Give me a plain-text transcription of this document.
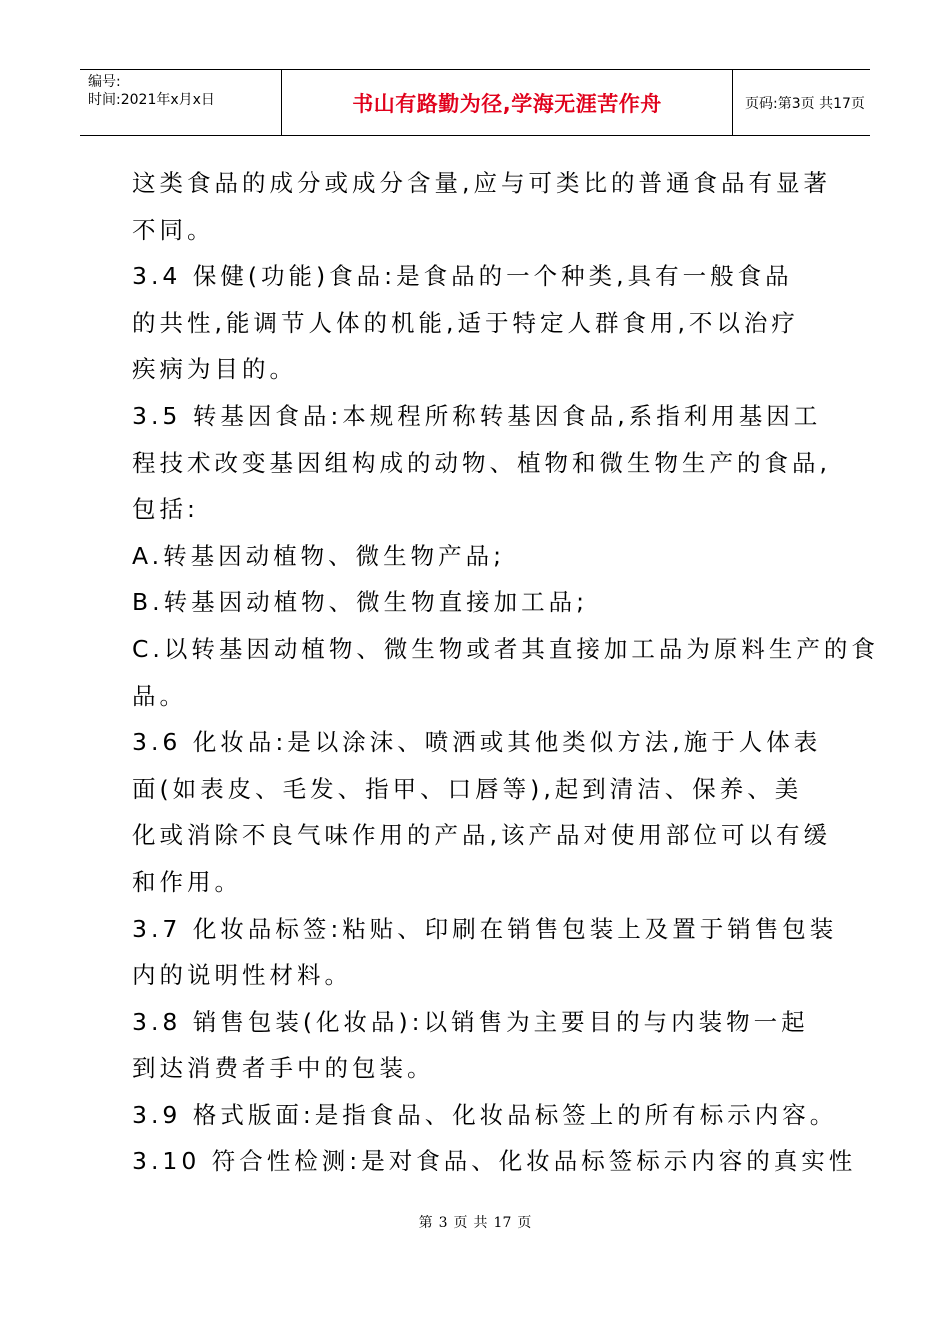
编号:
时间:2021年x月x日	书山有路勤为径,学海无涯苦作舟	页码:第3页 共17页
这类食品的成分或成分含量,应与可类比的普通食品有显著
不同。
3.4 保健(功能)食品:是食品的一个种类,具有一般食品
的共性,能调节人体的机能,适于特定人群食用,不以治疗
疾病为目的。
3.5 转基因食品:本规程所称转基因食品,系指利用基因工
程技术改变基因组构成的动物、植物和微生物生产的食品,
包括:
A.转基因动植物、微生物产品;
B.转基因动植物、微生物直接加工品;
C.以转基因动植物、微生物或者其直接加工品为原料生产的食
品。
3.6 化妆品:是以涂沫、喷洒或其他类似方法,施于人体表
面(如表皮、毛发、指甲、口唇等),起到清洁、保养、美
化或消除不良气味作用的产品,该产品对使用部位可以有缓
和作用。
3.7 化妆品标签:粘贴、印刷在销售包装上及置于销售包装
内的说明性材料。
3.8 销售包装(化妆品):以销售为主要目的与内装物一起
到达消费者手中的包装。
3.9 格式版面:是指食品、化妆品标签上的所有标示内容。
3.10 符合性检测:是对食品、化妆品标签标示内容的真实性
第 3 页 共 17 页
